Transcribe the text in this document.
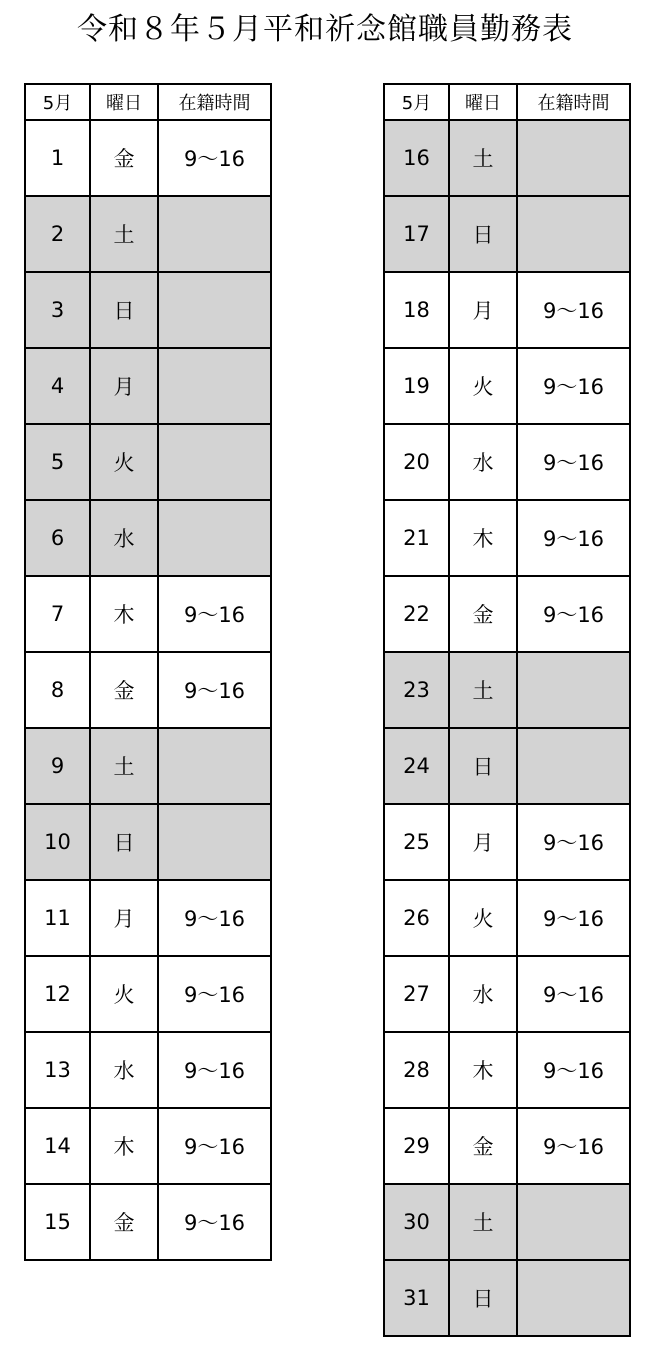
令和８年５月平和祈念館職員勤務表
5月	曜日	在籍時間
1	金	9～16
2	土	
3	日	
4	月	
5	火	
6	水	
7	木	9～16
8	金	9～16
9	土	
10	日	
11	月	9～16
12	火	9～16
13	水	9～16
14	木	9～16
15	金	9～16
5月	曜日	在籍時間
16	土	
17	日	
18	月	9～16
19	火	9～16
20	水	9～16
21	木	9～16
22	金	9～16
23	土	
24	日	
25	月	9～16
26	火	9～16
27	水	9～16
28	木	9～16
29	金	9～16
30	土	
31	日	
